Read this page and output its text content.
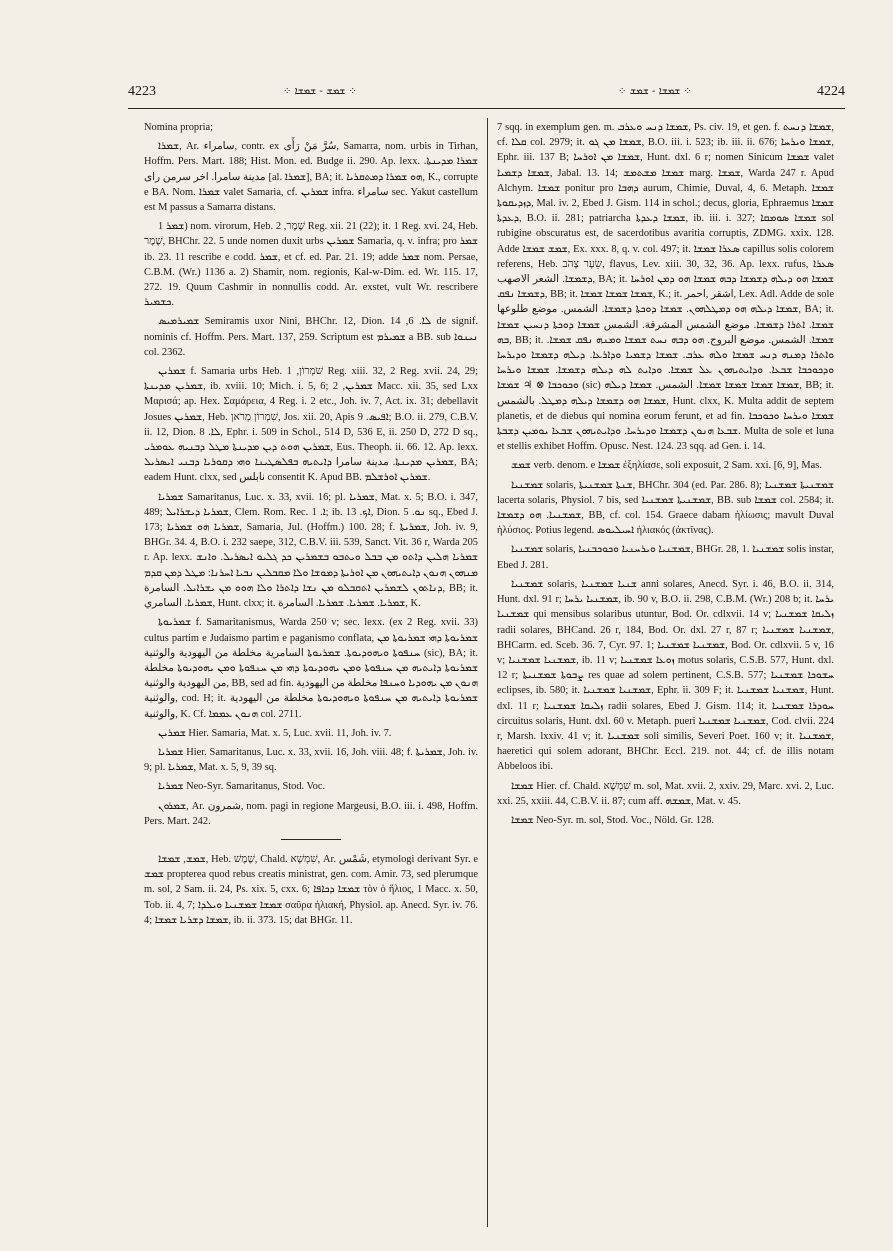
4223	⁘ ܫܡܫ - ܫܡܫܐ ⁘	⁘ ܫܡܫܐ - ܫܡܫ ⁘	4224

Nomina propria;

ܫܡܪܐ, Ar. سامراء, contr. ex سُرَّ مَنْ رَأَى, Samarra, nom. urbis in Tirhan, Hoffm. Pers. Mart. 188; Hist. Mon. ed. Budge ii. 290. Ap. lexx. ܫܡܪܐ ܡܕܝܢܬܐ. مدينة سامرا. اخر سرمن راى [al. ܫܡܪܐ], BA; it. ܗܘ ܫܡܪܐ ܕܡܬܩܪܝܐ, K., corrupte e BA. Nom. ܫܡܪܐ valet Samaria, cf. ܫܡܪܝܢ infra. سامراء sec. Yakut castellum est M passus a Samarra distans.

ܫܡܪ 1) nom. virorum, Heb. שֶׁמֶר, 2 Reg. xii. 21 (22); it. 1 Reg. xvi. 24, Heb. שֶׁמֶר, BHChr. 22. 5 unde nomen duxit urbs ܫܡܪܝܢ Samaria, q. v. infra; pro ܫܡܪ ib. 23. 11 rescribe e codd. ܫܡܪ, et cf. ed. Par. 21. 19; adde ܫܡܪ nom. Persae, C.B.M. (Wr.) 1136 a. 2) Shamir, nom. regionis, Kal-w-Dim. ed. Wr. 115. 17, 272. 19. Quum Cashmir in nonnullis codd. Ar. exstet, vult Wr. rescribere ܟܫܡܝܪ.

ܫܡܝܪܡܝܣ Semiramis uxor Nini, BHChr. 12, Dion. ܠܐ. 6, 14 de signif. nominis cf. Hoffm. Pers. Mart. 137, 259. Scriptum est ܫܡܝܪܡ a BB. sub ܢܝܢܘܐ col. 2362.

ܫܡܪܝܢ f. Samaria urbs Heb. שֹׁמְרוֹן, 1 Reg. xiii. 32, 2 Reg. xvii. 24, 29; ܫܡܪܝܢ ܡܕܝܢܬܐ, ib. xviii. 10; Mich. i. 5, 6; ܫܡܪܝܢ, 2 Macc. xii. 35, sed Lxx Μαρισά; ap. Hex. Σαμάρεια, 4 Reg. i. 2 etc., Joh. iv. 7, Act. ix. 31; debellavit Josues ܫܡܪܝܢ, Heb. שִׁמְרוֹן מְרֹאן, Jos. xii. 20, Apis ܐܦܝܣ. 9; B.O. ii. 279, C.B.V. ii. 12, Dion. ܠܐ. 8, Ephr. i. 509 in Schol., 514 D, 536 E, ii. 250 D, 272 D sq., ܫܡܪܝܢ ܗܘܬ ܕܝܢ ܡܕܝܢܬܐ ܡܛܠ ܕܒܢܝܗ ܥܘܡܪܝ, Eus. Theoph. ii. 66. 12. Ap. lexx. ܫܡܪܝܢ ܡܕܝܢܬܐ. مدينة سامرا ܕܐܝܬܝܗ ܒܦܠܣܛܝܢܐ ܘܗܝ ܕܩܘܪܝܐ ܕܒܢܝ ܐܝܣܪܝܠ, BA; eadem Hunt. clxx, sed نابلس consentit K. Apud BB. ܫܡܪܝܢ ܐܘܪܫܠܡ.

ܫܡܪܝܐ Samaritanus, Luc. x. 33, xvii. 16; pl. ܫܡܪܝܐ, Mat. x. 5; B.O. i. 347, 489; ܫܡܪܝܐ ܕܝܫܪܐܝܠ, Clem. Rom. Rec. ܐ. 1; ib. ܐܟ. 13, Dion. ܢܘ. 5 sq., Ebed J. 173; ܫܡܪܝܐ ܗܘ ܫܡܪܝܐ, Samaria, Jul. (Hoffm.) 100. 28; f. ܫܡܪܝܬܐ, Joh. iv. 9, BHGr. 34. 4, B.O. i. 232 saepe, 312, C.B.V. iii. 539, Sanct. Vit. 36 r, Warda 205 r. Ap. lexx. ܫܡܪܝܐ ܗܠܝܢ ܕܐܬܘ ܡܢ ܒܒܠ ܘܝܬܒܘ ܒܫܡܪܝܢ ܟܕ ܓܠܝܘ ܐܝܣܪܝܠ. ܘܐܢܫ ܡܢܗܘܢ ܗܢܘܢ ܕܐܝܬܝܗܘܢ ܡܢ ܐܘܪܝܬܐ ܕܡܘܫܐ ܘܠܐ ܡܩܒܠܝܢ ܢܒܝܐ ܐܚܪܢܐ: ܡܛܠ ܕܡܢ ܩܕܡ ܕܢܐܬܘܢ ܠܫܡܪܝܢ ܐܬܩܒܠܘ ܡܢ ܢܫܐ ܕܐܬܪܐ ܘܠܐ ܗܘܘ ܡܢ ܝܫܪܐܝܠ. السامرة, BB; it. ܫܡܪܝܐ. السامري, Hunt. clxx; it. ܫܡܪܝܐ. ܫܡܪܝܐ. ܫܡܪܝܐ. السامرة, K.

ܫܡܪܝܘܬܐ f. Samaritanismus, Warda 250 v; sec. lexx. (ex 2 Reg. xvii. 33) cultus partim e Judaismo partim e paganismo conflata, ܫܡܪܝܘܬܐ ܕܗܝ ܫܡܪܝܘܬܐ ܡܢ ܚܢܦܘܬܐ ܘܝܗܘܕܝܘܬܐ. ܫܡܪܝܘܬܐ السامرية مخلطة من اليهودية والوثنية (sic), BA; it. ܫܡܪܝܘܬܐ ܕܐܝܬܝܗ ܡܢ ܚܢܦܘܬܐ ܘܡܢ ܝܗܘܕܝܘܬܐ ܕܗܝ ܡܢ ܚܢܦܘܬܐ ܘܡܢ ܝܗܘܕܝܘܬܐ مخلطة من اليهودية والوثنية, BB, sed ad fin. ܗܢܘܢ ܡܢ ܝܗܘܕܝܐ ܘܚܢܦܐ مخلطة من اليهودية والوثنية, cod. H; it. ܫܡܪܝܘܬܐ ܕܐܝܬܝܗ ܡܢ ܚܢܦܘܬܐ ܘܝܗܘܕܝܘܬܐ مخلطة من اليهودية والوثنية, K. Cf. ܗܢܘܢ ܥܡܡܐ col. 2711.

ܫܡܪܝܢ Hier. Samaria, Mat. x. 5, Luc. xvii. 11, Joh. iv. 7.

ܫܡܪܝܐ Hier. Samaritanus, Luc. x. 33, xvii. 16, Joh. viii. 48; f. ܫܡܪܝܬܐ, Joh. iv. 9; pl. ܫܡܪܝܐ, Mat. x. 5, 9, 39 sq.

ܫܡܪܝܐ Neo-Syr. Samaritanus, Stod. Voc.

ܫܡܪܘܢ, Ar. شمرون, nom. pagi in regione Margeusi, B.O. iii. i. 498, Hoffm. Pers. Mart. 242.

ܫܡܫ, ܫܡܫܐ, Heb. שֶׁמֶשׁ, Chald. שִׁמְשָׁא, Ar. شَمْس, etymologi derivant Syr. e ܫܡܫ propterea quod rebus creatis ministrat, gen. com. Amir. 73, sed plerumque m. sol, 2 Sam. ii. 24, Ps. xix. 5, cxx. 6; ܫܡܫܐ ܕܟܐܦܐ τὸν ὁ ἥλιος, 1 Macc. x. 50, Tob. ii. 4, 7; ܫܡܫܐ ܫܡܫܢܝܐ ܘܝܠܕܐ σαῦρα ἡλιακή, Physiol. ap. Anecd. Syr. iv. 76. 4; ܫܡܫܐ ܕܫܪܝܐ ܫܡܫܐ, ib. ii. 373. 15; dat BHGr. 11.

7 sqq. in exemplum gen. m. ܫܡܫܐ ܕܢܚ ܘܥܪܒ, Ps. civ. 19, et gen. f. ܫܡܫܐ ܕܢܚܬ, cf. ܩܠܐ col. 2979; it. ܫܡܫܐ ܡܢ ܓܘ, B.O. iii. i. 523; ib. iii. ii. 676; ܫܡܫܐ ܘܝܪܚܐ, Ephr. iii. 137 B; ܫܡܫܐ ܡܢ ܐܘܪܚܐ, Hunt. dxl. 6 r; nomen Sinicum ܫܡܫܐ valet ܫܡܫܐ ܕܫܡܝܐ, Jabal. 13. 14; ܫܡܫܐ ܡܫܬܡܫ marg. ܫܡܫܐ, Warda 247 r. Apud Alchym. ܫܡܫܐ ponitur pro ܕܗܒܐ aurum, Chimie, Duval, 4, 6. Metaph. ܫܡܫܐ ܕܙܕܝܩܘܬܐ, Mal. iv. 2, Ebed J. Gism. 114 in schol.; decus, gloria, Ephraemus ܫܡܫܐ ܕܥܕܬܐ, B.O. ii. 281; patriarcha ܫܡܫܐ ܕܥܕܬܐ, ib. iii. i. 327; ܫܡܫܐ ܣܘܡܩܐ sol rubigine obscuratus est, de sacerdotibus avaritia corruptis, ZDMG. xxix. 128. Adde ܫܡܫ ܫܡܫܐ, Ex. xxx. 8, q. v. col. 497; it. ܣܥܪܐ ܫܡܫܐ capillus solis colorem referens, Heb. שֵׂעָר צָהֹב, flavus, Lev. xiii. 30, 32, 36. Ap. lexx. rufus, ܣܥܪܐ ܕܫܡܫܐ. الشعر الاصهب, BA; it. ܫܡܫܐ ܗܘ ܕܝܠܗ ܕܫܡܫܐ ܕܒܗ ܫܡܫܐ ܗܘ ܕܡܢ ܐܘܪܚܐ ܕܫܡܫܐ ܢܦܩ, BB; it. ܫܡܫܐ ܫܡܫܐ ܫܡܫܐ, K.; it. اشقر ,احمر, Lex. Adl. Adde de sole ܫܡܫܐ ܕܝܠܗ ܗܘ ܕܡܛܠܗܘܢ. ܫܡܫܐ ܕܘܟܬܐ ܕܫܡܫܐ. الشمس. موضع طلوعها, BA; it. ܫܡܫܐ. ܐܬܪܐ ܕܫܡܫܐ. موضع الشمس المشرقة. الشمس ܫܡܫܐ ܕܘܟܬܐ ܕܢܚܝܢ ܫܡܫܐ ܒܗ, BB; it. ܫܡܫܐ. الشمس. موضع البروج. ܗܘ ܕܒܗ ܢܚܬ ܫܡܫܐ ܘܡܢܗ ܢܦܩ ܫܡܫܐ. ܘܐܬܪܐ ܕܡܢܗ ܕܢܚ ܫܡܫܐ ܘܠܗ ܥܪܒ. ܫܡܫܐ ܕܫܡܝܐ ܘܕܐܪܥܐ. ܕܝܠܗ ܕܫܡܫܐ ܘܕܝܪܚܐ ܘܕܟܘܟܒܐ ܫܒܥܐ. ܘܕܐܝܬܝܗܘܢ ܥܠ ܫܡܫܐ. ܘܕܐܝܬ ܠܗ ܕܝܠܗ ܕܫܡܫܐ. ܫܡܫܐ ܘܝܪܚܐ ܘܟܘܟܒܐ ⊗ ♃ ܫܡܫܐ (sic) ܫܡܫܐ ܫܡܫܐ ܫܡܫܐ ܫܡܫܐ. الشمس. ܫܡܫܐ ܕܝܠܗ, BB; it. ܫܡܫܐ ܗܘ ܕܫܡܫܐ ܕܝܠܗ ܕܡܛܠ. بالشمس, Hunt. clxx, K. Multa addit de septem planetis, et de diebus qui nomina eorum ferunt, et ad fin. ܫܡܫܐ ܘܝܪܚܐ ܘܟܘܟܒܐ ܫܒܥܐ ܗܢܘܢ ܕܫܡܫܐ ܘܕܝܪܚܐ. ܘܕܐܝܬܝܗܘܢ ܫܒܥܐ ܝܘܡܝܢ ܕܫܒܬܐ. Multa de sole et luna et stellis exhibet Hoffm. Opusc. Nest. 124. 23 sqq. ad Gen. i. 14.

ܫܡܫ verb. denom. e ܫܡܫܐ ἐξηλίασε, soli exposuit, 2 Sam. xxi. [6, 9], Mas.

ܫܡܫܢܝܐ solaris, ܫܢܬܐ ܫܡܫܢܝܬܐ, BHChr. 304 (ed. Par. 286. 8); ܫܡܫܢܝܬܐ ܫܡܫܢܝܐ lacerta solaris, Physiol. 7 bis, sed ܫܡܫܢܝܬܐ ܫܡܫܢܝܐ, BB. sub ܫܡܫܐ col. 2584; it. ܫܡܫܢܝܐ. ܗܘ ܕܫܡܫܐ, BB, cf. col. 154. Graece dabam ἡλίωσις; mavult Duval ἡλύσιος. Potius legend. ܐܚܝܠܝܘܣ ἡλιακός (ἀκτῖνας).

ܫܡܫܢܝܐ solaris, ܫܡܫܢܝܐ ܘܝܪܚܢܝܐ ܘܟܘܟܒܢܝܐ, BHGr. 28, 1. ܫܡܫܢܝܐ solis instar, Ebed J. 281.

ܫܡܫܢܝܐ solaris, ܫܢܝܐ ܫܡܫܢܝܐ anni solares, Anecd. Syr. i. 46, B.O. ii. 314, Hunt. dxl. 91 r; ܫܡܫܢܝܐ ܝܪܚܐ, ib. 90 v, B.O. ii. 298, C.B.M. (Wr.) 208 b; it. ܝܪܚܐ ܫܡܫܢܝܐ qui mensibus solaribus utuntur, Bod. Or. cdlxvii. 14 v; ܙܠܝܩܐ ܫܡܫܢܝܐ radii solares, BHCand. 26 r, 184, Bod. Or. dxl. 27 r, 87 r; ܫܡܫܢܝܐ ܫܡܫܢܝܐ, BHCarm. ed. Sceb. 36. 7, Cyr. 97. 1; ܫܡܫܢܝܐ ܫܡܫܢܝܐ, Bod. Or. cdlxvii. 5 v, 16 v; ܫܡܫܢܝܐ ܫܡܫܢܝܐ, ib. 11 v; ܙܘܥܐ ܫܡܫܢܝܐ motus solaris, C.S.B. 577, Hunt. dxl. 12 r; ܨܒܘܬܐ ܫܡܫܢܝܬܐ res quae ad solem pertinent, C.S.B. 577; ܚܫܘܟܐ ܫܡܫܢܝܐ eclipses, ib. 580; it. ܫܡܫܢܝܐ ܫܡܫܢܝܐ, Ephr. ii. 309 F; it. ܫܡܫܢܝܐ ܫܡܫܢܝܐ, Hunt. dxl. 11 r; ܙܠܝܩܐ ܫܡܫܢܝܐ radii solares, Ebed J. Gism. 114; it. ܚܘܕܪܐ ܫܡܫܢܝܐ circuitus solaris, Hunt. dxl. 60 v. Metaph. pueri ܫܡܫܢܝܐ ܫܡܫܢܝܐ, Cod. clvii. 224 r, Marsh. lxxiv. 41 v; it. ܫܡܫܢܝܐ soli similis, Severi Poet. 160 v; it. ܫܡܫܢܝܐ, haeretici qui solem adorant, BHChr. Eccl. 219. not. 44; cf. de illis notam Abbeloos ibi.

ܫܡܫܐ Hier. cf. Chald. שִׁמְשָׁא m. sol, Mat. xvii. 2, xxiv. 29, Marc. xvi. 2, Luc. xxi. 25, xxiii. 44, C.B.V. ii. 87; cum aff. ܫܡܫܗ, Mat. v. 45.

ܫܡܫܐ Neo-Syr. m. sol, Stod. Voc., Nöld. Gr. 128.
